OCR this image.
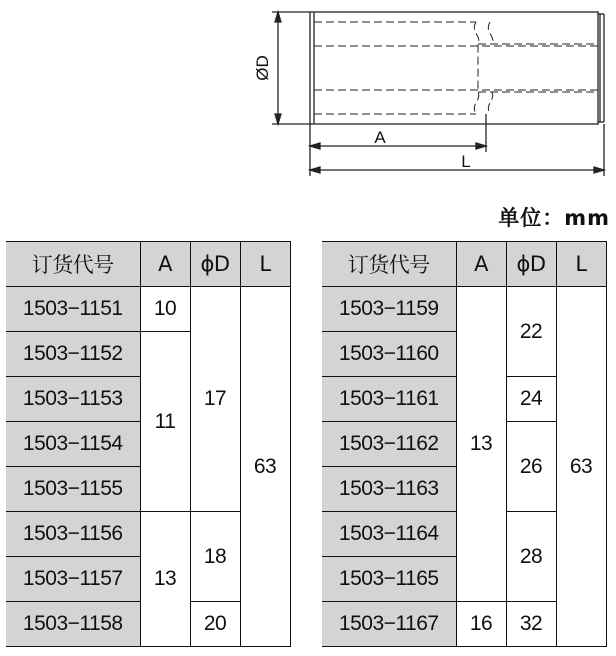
ØD
A
L
单位：mm
订货代号	A	ϕD	L
1503−1151	10	17	63
1503−1152	11		
1503−1153			
1503−1154			
1503−1155			
1503−1156	13	18	
1503−1157			
1503−1158		20	
订货代号	A	ϕD	L
1503−1159	13	22	63
1503−1160			
1503−1161		24	
1503−1162		26	
1503−1163			
1503−1164		28	
1503−1165			
1503−1167	16	32	
